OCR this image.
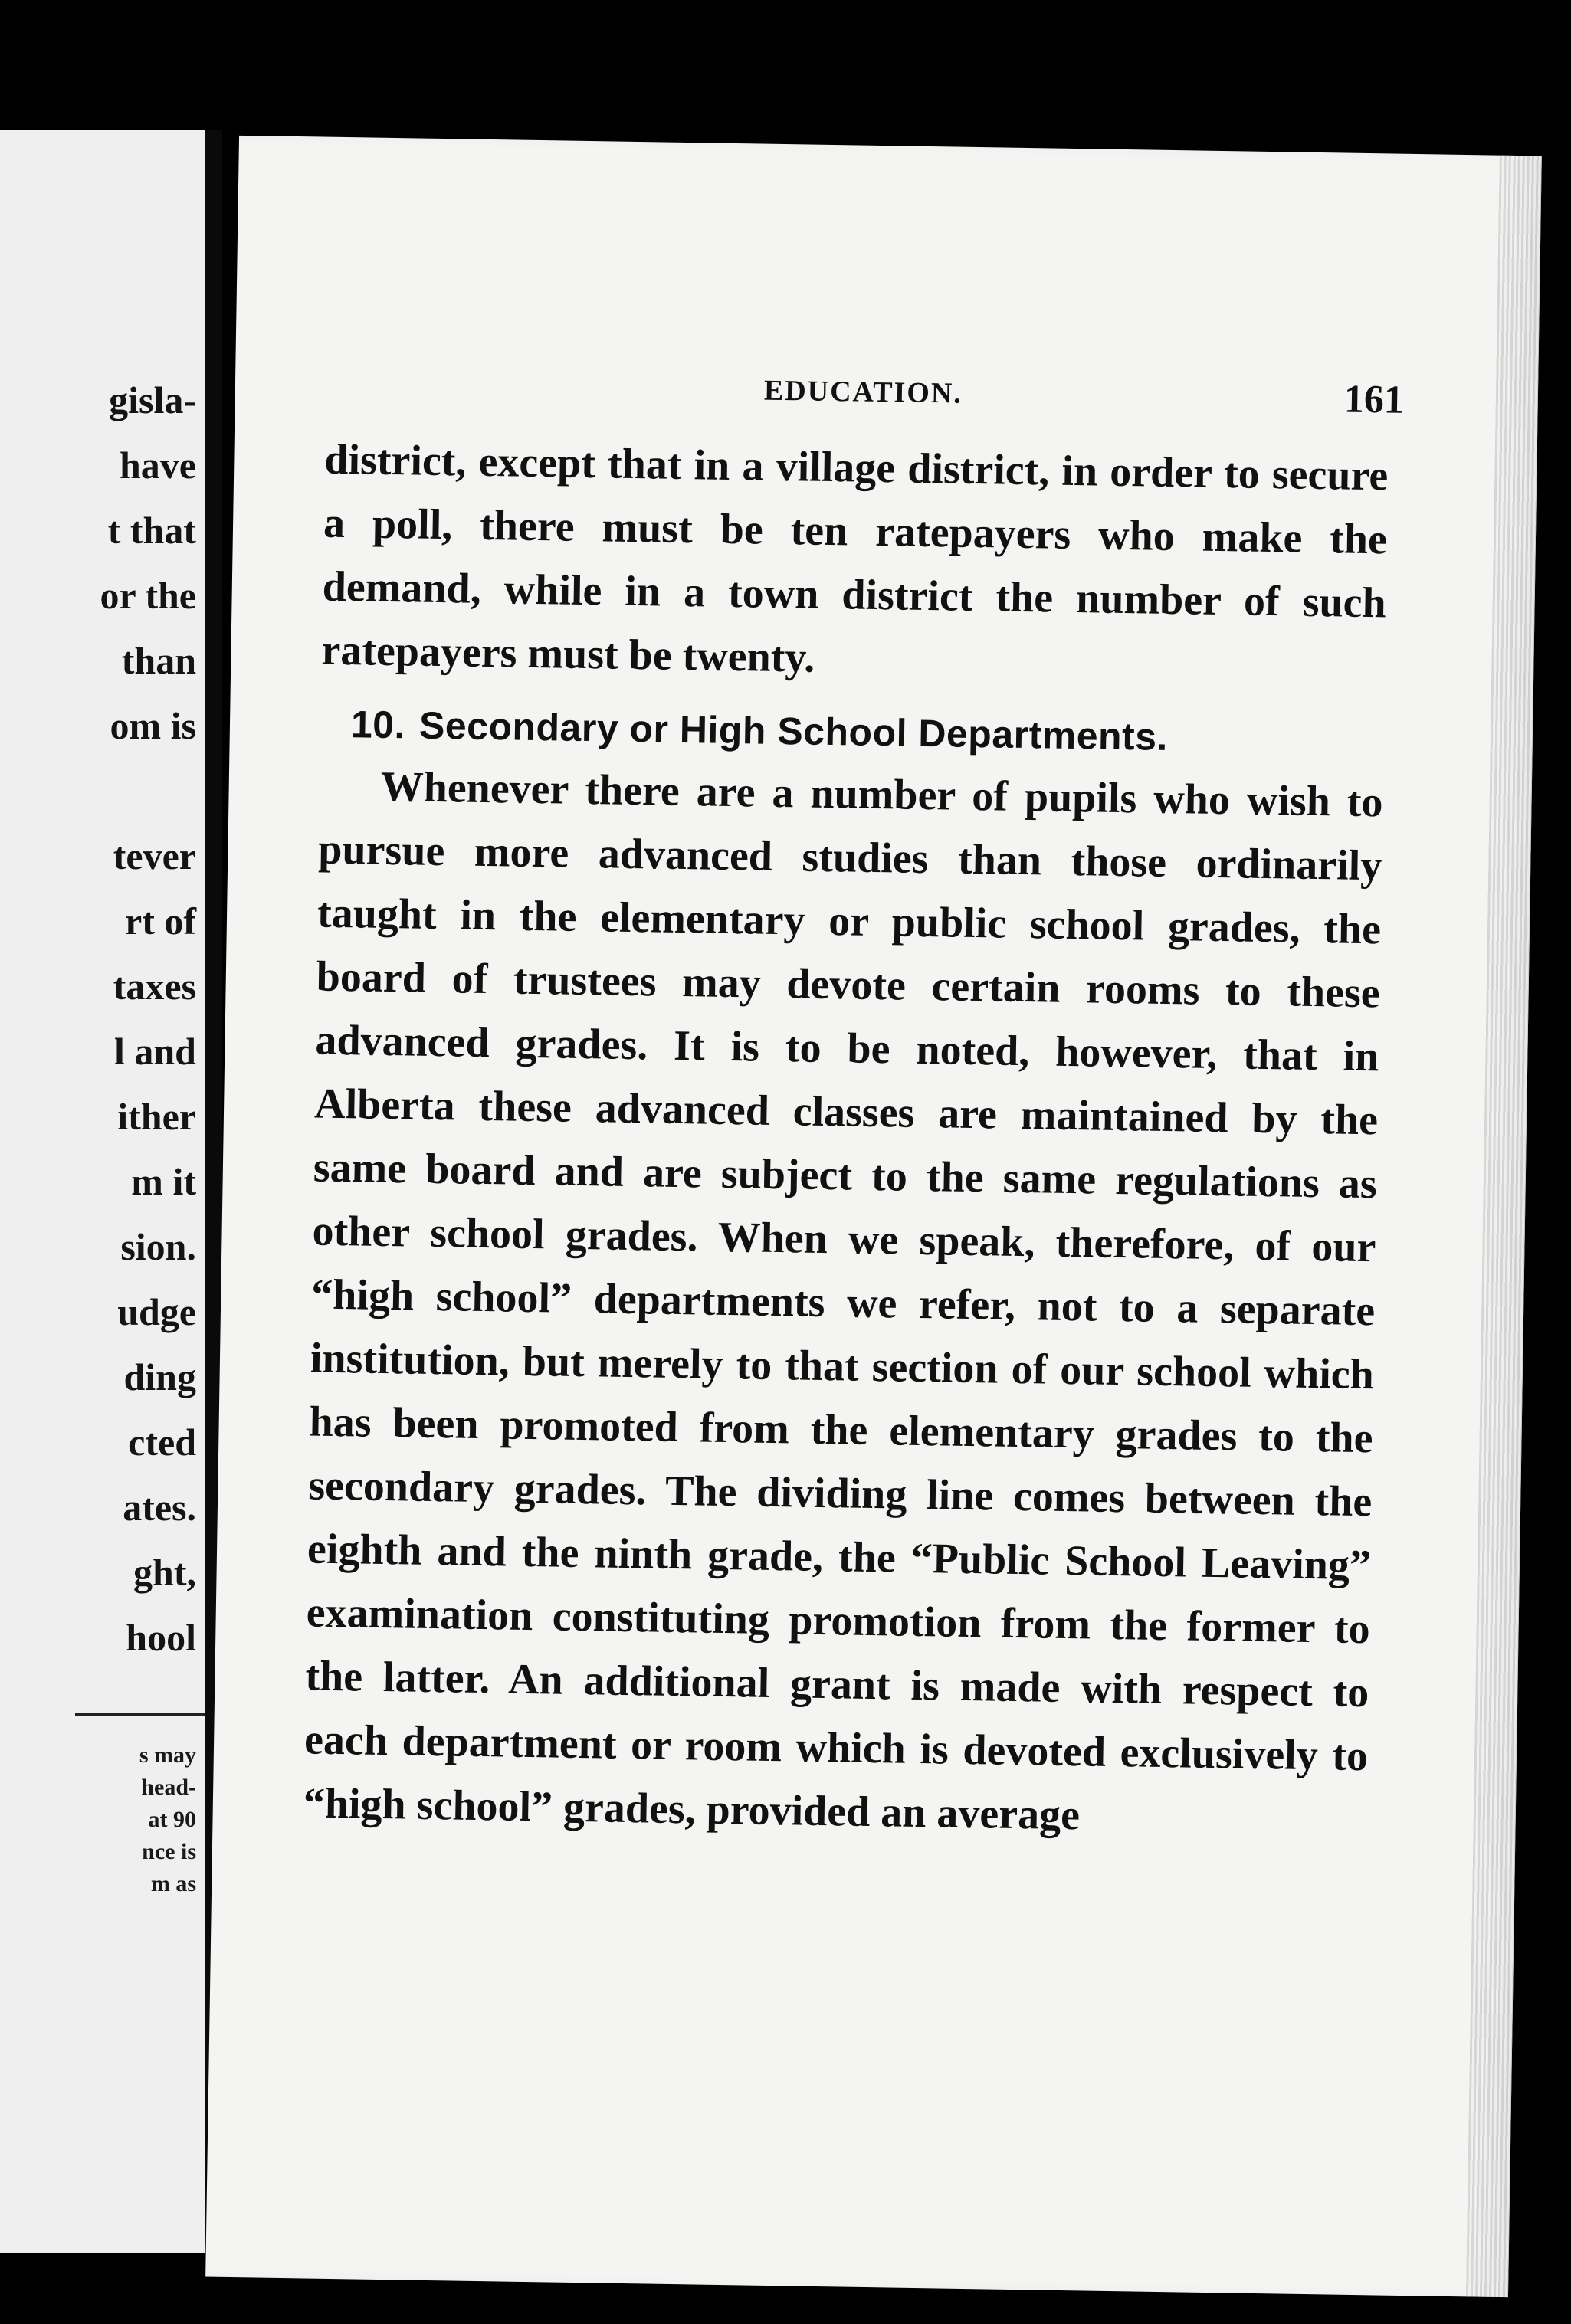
gisla-
have
t that
or the
than
om is
tever
rt of
taxes
l and
ither
m it
sion.
udge
ding
cted
ates.
ght,
hool
s may
head-
at 90
nce is
m as
EDUCATION.	161

district, except that in a village district, in order to secure a poll, there must be ten ratepayers who make the demand, while in a town district the number of such ratepayers must be twenty.

10. Secondary or High School Departments.

Whenever there are a number of pupils who wish to pursue more advanced studies than those ordinarily taught in the elementary or public school grades, the board of trustees may devote certain rooms to these advanced grades. It is to be noted, however, that in Alberta these advanced classes are maintained by the same board and are subject to the same regulations as other school grades. When we speak, therefore, of our “high school” departments we refer, not to a separate institution, but merely to that section of our school which has been promoted from the elementary grades to the secondary grades. The dividing line comes between the eighth and the ninth grade, the “Public School Leaving” examination constituting promotion from the former to the latter. An additional grant is made with respect to each department or room which is devoted exclusively to “high school” grades, provided an average
